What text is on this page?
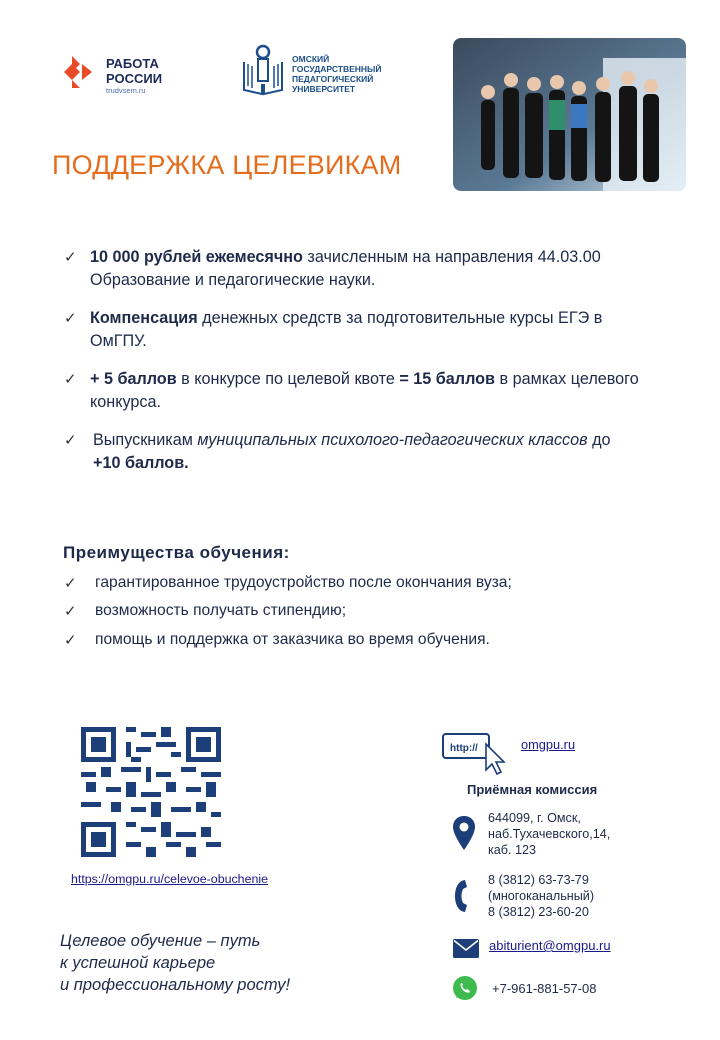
РАБОТА
РОССИИ
trudvsem.ru
ОМСКИЙ
ГОСУДАРСТВЕННЫЙ
ПЕДАГОГИЧЕСКИЙ
УНИВЕРСИТЕТ
ПОДДЕРЖКА ЦЕЛЕВИКАМ
✓ 10 000 рублей ежемесячно зачисленным на направления 44.03.00 Образование и педагогические науки.
✓ Компенсация денежных средств за подготовительные курсы ЕГЭ в ОмГПУ.
✓ + 5 баллов в конкурсе по целевой квоте = 15 баллов в рамках целевого конкурса.
✓ Выпускникам муниципальных психолого-педагогических классов до +10 баллов.
Преимущества обучения:
✓ гарантированное трудоустройство после окончания вуза;
✓ возможность получать стипендию;
✓ помощь и поддержка от заказчика во время обучения.
https://omgpu.ru/celevoe-obuchenie
Целевое обучение – путь
к успешной карьере
и профессиональному росту!
http://	omgpu.ru
Приёмная комиссия
644099, г. Омск,
наб.Тухачевского,14,
каб. 123
8 (3812) 63-73-79
(многоканальный)
8 (3812) 23-60-20
abiturient@omgpu.ru
+7-961-881-57-08
